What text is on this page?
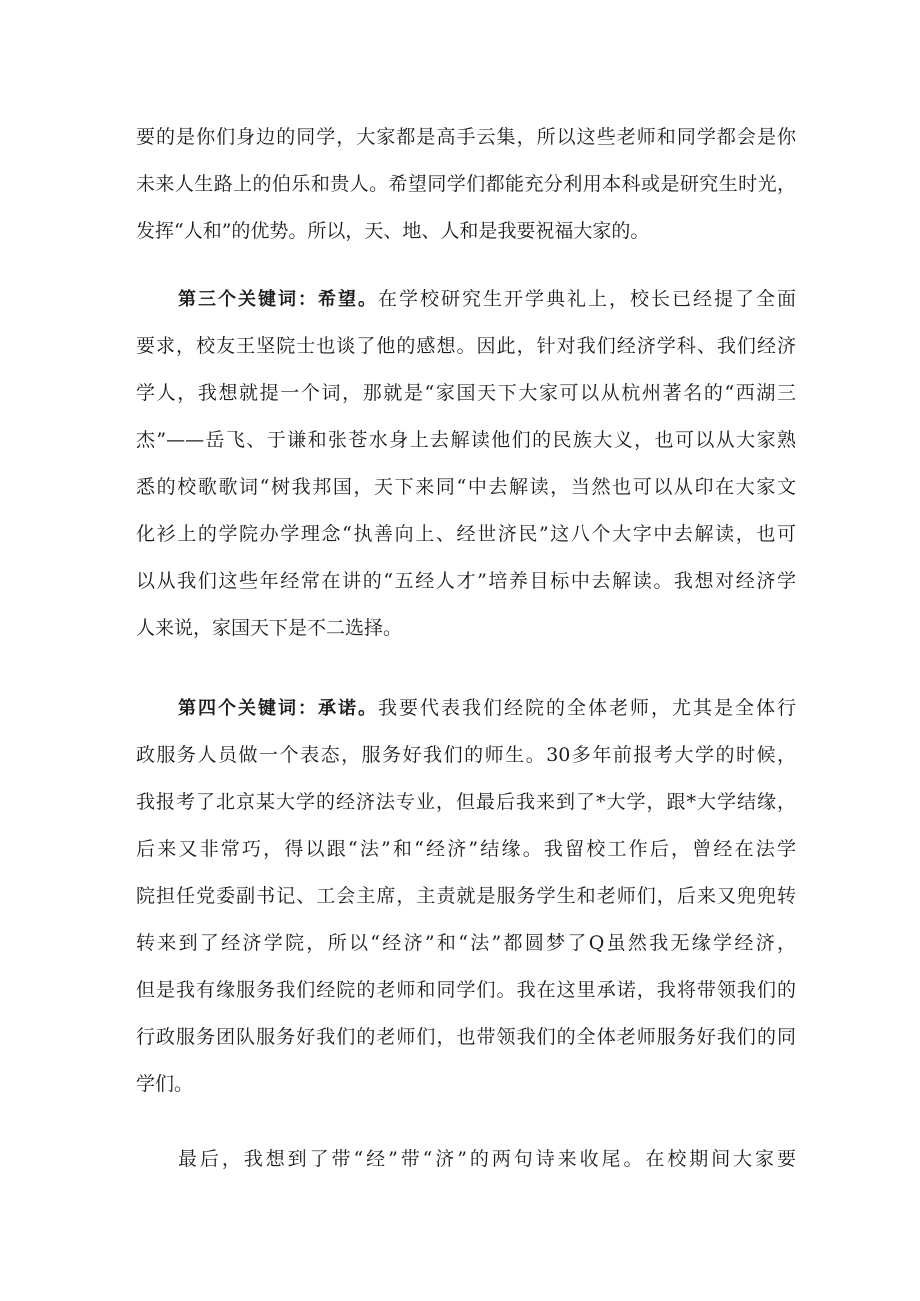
要的是你们身边的同学，大家都是高手云集，所以这些老师和同学都会是你
未来人生路上的伯乐和贵人。希望同学们都能充分利用本科或是研究生时光，
发挥“人和”的优势。所以，天、地、人和是我要祝福大家的。
第三个关键词：希望。在学校研究生开学典礼上，校长已经提了全面
要求，校友王坚院士也谈了他的感想。因此，针对我们经济学科、我们经济
学人，我想就提一个词，那就是“家国天下大家可以从杭州著名的“西湖三
杰”——岳飞、于谦和张苍水身上去解读他们的民族大义，也可以从大家熟
悉的校歌歌词“树我邦国，天下来同“中去解读，当然也可以从印在大家文
化衫上的学院办学理念“执善向上、经世济民”这八个大字中去解读，也可
以从我们这些年经常在讲的“五经人才”培养目标中去解读。我想对经济学
人来说，家国天下是不二选择。
第四个关键词：承诺。我要代表我们经院的全体老师，尤其是全体行
政服务人员做一个表态，服务好我们的师生。30多年前报考大学的时候，
我报考了北京某大学的经济法专业，但最后我来到了*大学，跟*大学结缘，
后来又非常巧，得以跟“法”和“经济”结缘。我留校工作后，曾经在法学
院担任党委副书记、工会主席，主责就是服务学生和老师们，后来又兜兜转
转来到了经济学院，所以“经济”和“法”都圆梦了Q虽然我无缘学经济，
但是我有缘服务我们经院的老师和同学们。我在这里承诺，我将带领我们的
行政服务团队服务好我们的老师们，也带领我们的全体老师服务好我们的同
学们。
最后，我想到了带“经”带“济”的两句诗来收尾。在校期间大家要
